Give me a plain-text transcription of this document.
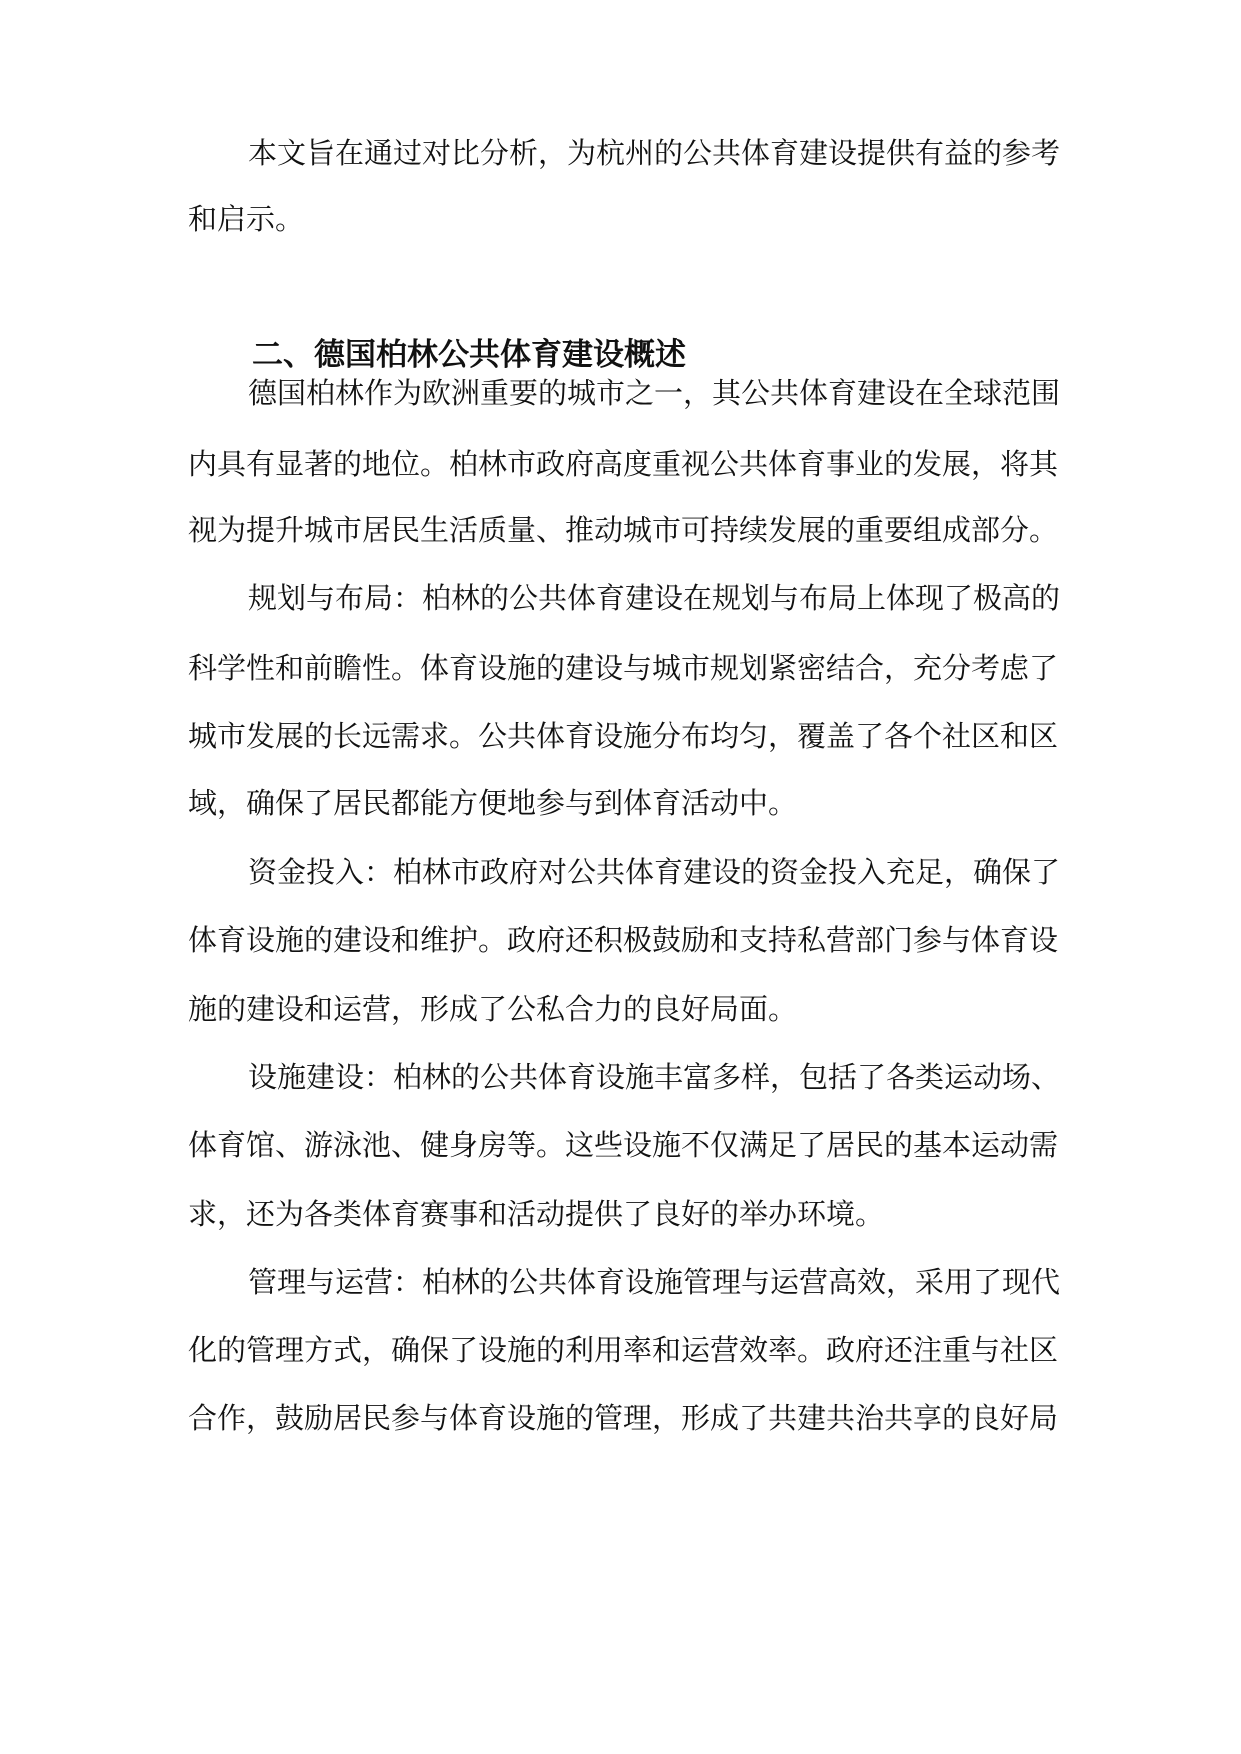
本文旨在通过对比分析，为杭州的公共体育建设提供有益的参考
和启示。
二、德国柏林公共体育建设概述
德国柏林作为欧洲重要的城市之一，其公共体育建设在全球范围
内具有显著的地位。柏林市政府高度重视公共体育事业的发展，将其
视为提升城市居民生活质量、推动城市可持续发展的重要组成部分。
规划与布局：柏林的公共体育建设在规划与布局上体现了极高的
科学性和前瞻性。体育设施的建设与城市规划紧密结合，充分考虑了
城市发展的长远需求。公共体育设施分布均匀，覆盖了各个社区和区
域，确保了居民都能方便地参与到体育活动中。
资金投入：柏林市政府对公共体育建设的资金投入充足，确保了
体育设施的建设和维护。政府还积极鼓励和支持私营部门参与体育设
施的建设和运营，形成了公私合力的良好局面。
设施建设：柏林的公共体育设施丰富多样，包括了各类运动场、
体育馆、游泳池、健身房等。这些设施不仅满足了居民的基本运动需
求，还为各类体育赛事和活动提供了良好的举办环境。
管理与运营：柏林的公共体育设施管理与运营高效，采用了现代
化的管理方式，确保了设施的利用率和运营效率。政府还注重与社区
合作，鼓励居民参与体育设施的管理，形成了共建共治共享的良好局
